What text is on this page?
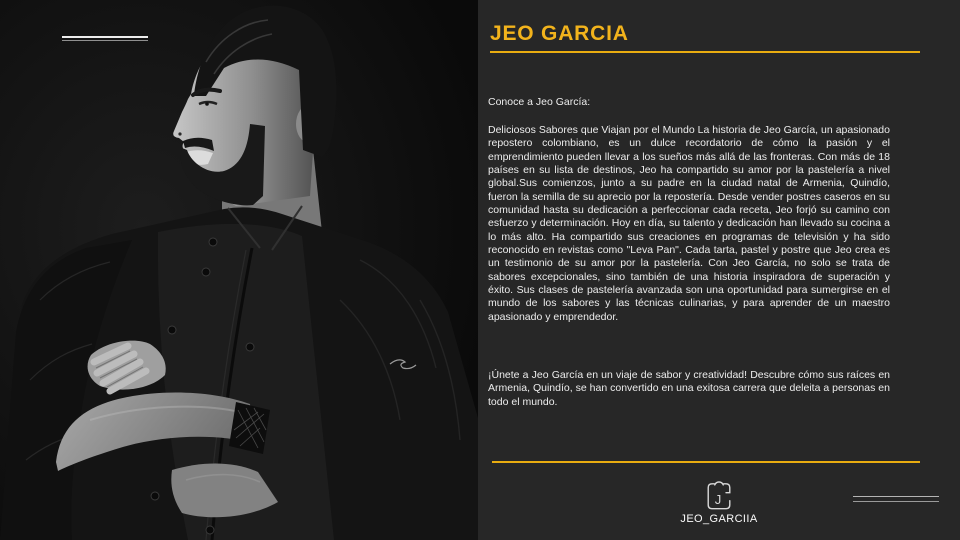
JEO GARCIA

Conoce a Jeo García:

Deliciosos Sabores que Viajan por el Mundo La historia de Jeo García, un apasionado repostero colombiano, es un dulce recordatorio de cómo la pasión y el emprendimiento pueden llevar a los sueños más allá de las fronteras. Con más de 18 países en su lista de destinos, Jeo ha compartido su amor por la pastelería a nivel global.Sus comienzos, junto a su padre en la ciudad natal de Armenia, Quindío, fueron la semilla de su aprecio por la repostería. Desde vender postres caseros en su comunidad hasta su dedicación a perfeccionar cada receta, Jeo forjó su camino con esfuerzo y determinación. Hoy en día, su talento y dedicación han llevado su cocina a lo más alto. Ha compartido sus creaciones en programas de televisión y ha sido reconocido en revistas como "Leva Pan". Cada tarta, pastel y postre que Jeo crea es un testimonio de su amor por la pastelería. Con Jeo García, no solo se trata de sabores excepcionales, sino también de una historia inspiradora de superación y éxito. Sus clases de pastelería avanzada son una oportunidad para sumergirse en el mundo de los sabores y las técnicas culinarias, y para aprender de un maestro apasionado y emprendedor.

¡Únete a Jeo García en un viaje de sabor y creatividad! Descubre cómo sus raíces en Armenia, Quindío, se han convertido en una exitosa carrera que deleita a personas en todo el mundo.

J
JEO_GARCIIA
